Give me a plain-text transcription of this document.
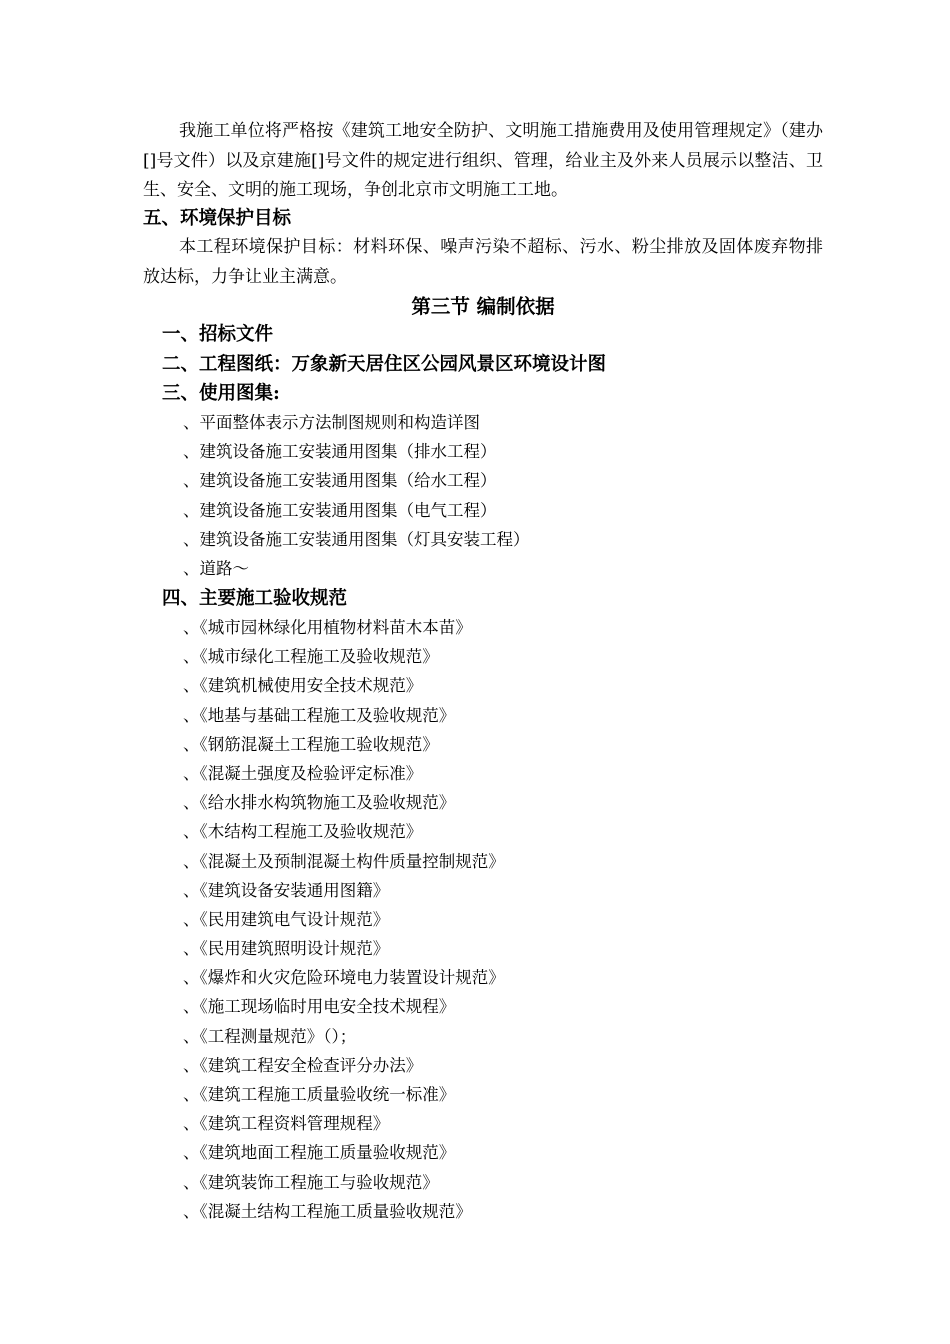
我施工单位将严格按《建筑工地安全防护、文明施工措施费用及使用管理规定》（建办[]号文件）以及京建施[]号文件的规定进行组织、管理，给业主及外来人员展示以整洁、卫生、安全、文明的施工现场，争创北京市文明施工工地。

五、环境保护目标

本工程环境保护目标：材料环保、噪声污染不超标、污水、粉尘排放及固体废弃物排放达标，力争让业主满意。

第三节 编制依据
一、招标文件
二、工程图纸：万象新天居住区公园风景区环境设计图
三、使用图集:
、平面整体表示方法制图规则和构造详图
、建筑设备施工安装通用图集（排水工程）
、建筑设备施工安装通用图集（给水工程）
、建筑设备施工安装通用图集（电气工程）
、建筑设备施工安装通用图集（灯具安装工程）
、道路～
四、主要施工验收规范
、《城市园林绿化用植物材料苗木本苗》
、《城市绿化工程施工及验收规范》
、《建筑机械使用安全技术规范》
、《地基与基础工程施工及验收规范》
、《钢筋混凝土工程施工验收规范》
、《混凝土强度及检验评定标准》
、《给水排水构筑物施工及验收规范》
、《木结构工程施工及验收规范》
、《混凝土及预制混凝土构件质量控制规范》
、《建筑设备安装通用图籍》
、《民用建筑电气设计规范》
、《民用建筑照明设计规范》
、《爆炸和火灾危险环境电力装置设计规范》
、《施工现场临时用电安全技术规程》
、《工程测量规范》（）；
、《建筑工程安全检查评分办法》
、《建筑工程施工质量验收统一标准》
、《建筑工程资料管理规程》
、《建筑地面工程施工质量验收规范》
、《建筑装饰工程施工与验收规范》
、《混凝土结构工程施工质量验收规范》
